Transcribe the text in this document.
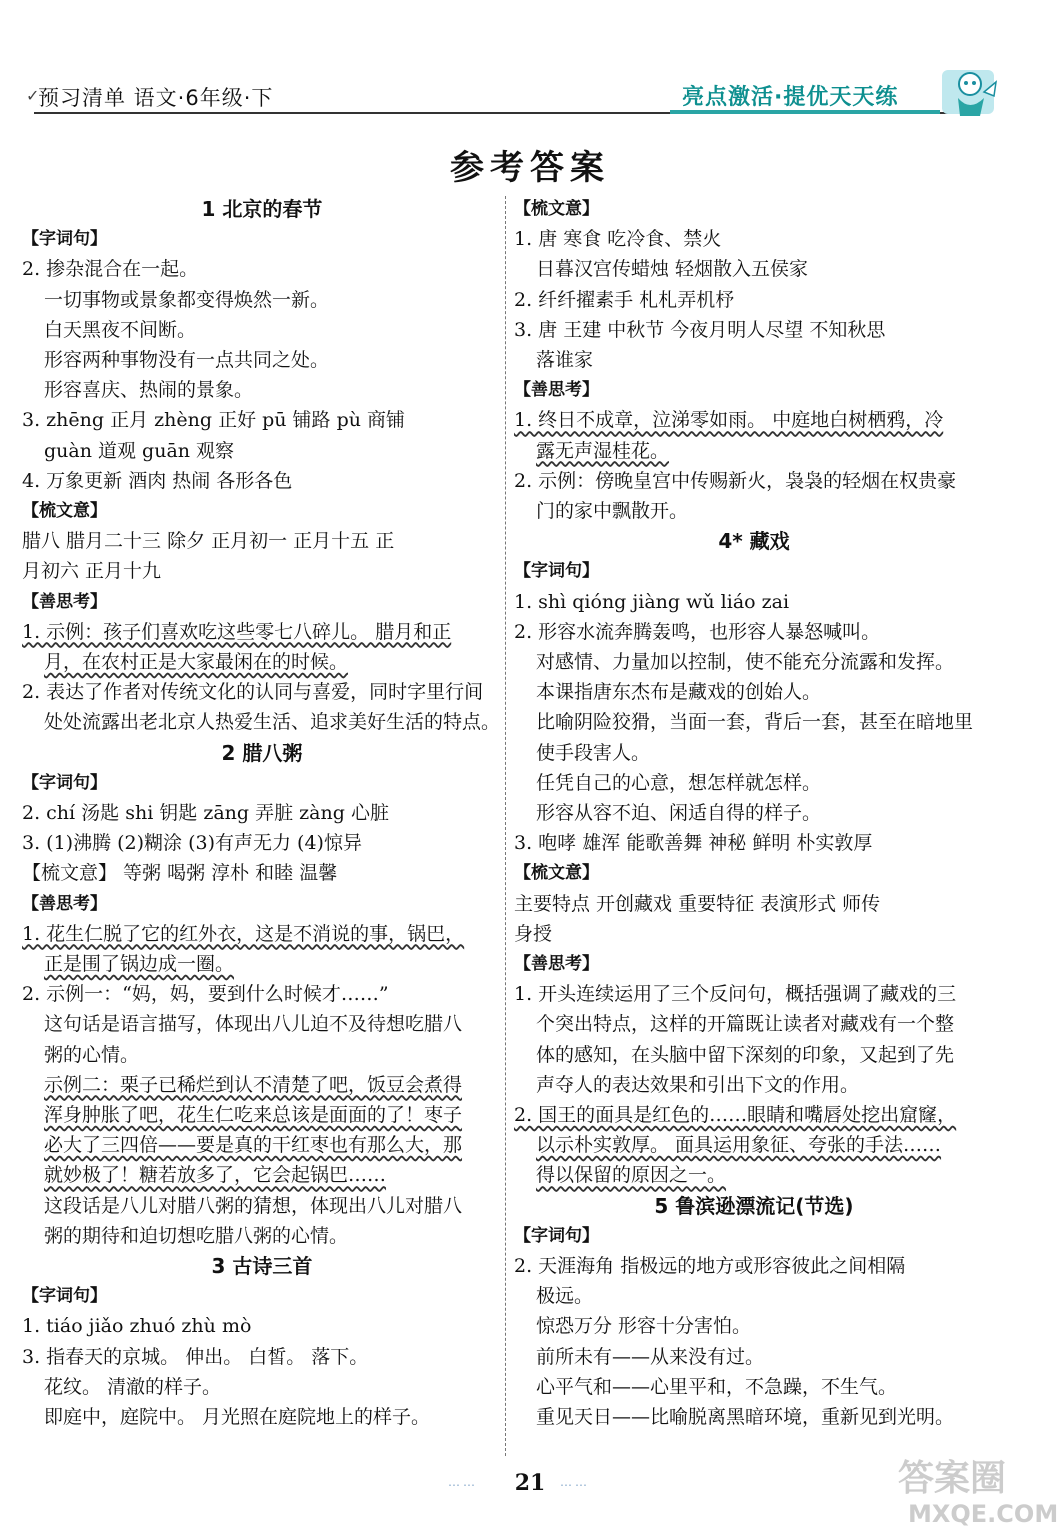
✓
预习清单 语文·6年级·下	亮点激活·提优天天练
参考答案
1 北京的春节
【字词句】
2. 掺杂混合在一起。
一切事物或景象都变得焕然一新。
白天黑夜不间断。
形容两种事物没有一点共同之处。
形容喜庆、热闹的景象。
3. zhēng 正月 zhèng 正好 pū 铺路 pù 商铺
guàn 道观 guān 观察
4. 万象更新 酒肉 热闹 各形各色
【梳文意】
腊八 腊月二十三 除夕 正月初一 正月十五 正
月初六 正月十九
【善思考】
1. 示例：孩子们喜欢吃这些零七八碎儿。 腊月和正
月，在农村正是大家最闲在的时候。
2. 表达了作者对传统文化的认同与喜爱，同时字里行间
处处流露出老北京人热爱生活、追求美好生活的特点。
2 腊八粥
【字词句】
2. chí 汤匙 shi 钥匙 zāng 弄脏 zàng 心脏
3. (1)沸腾 (2)糊涂 (3)有声无力 (4)惊异
【梳文意】 等粥 喝粥 淳朴 和睦 温馨
【善思考】
1. 花生仁脱了它的红外衣，这是不消说的事，锅巴，
正是围了锅边成一圈。
2. 示例一：“妈，妈，要到什么时候才……”
这句话是语言描写，体现出八儿迫不及待想吃腊八
粥的心情。
示例二：栗子已稀烂到认不清楚了吧，饭豆会煮得
浑身肿胀了吧，花生仁吃来总该是面面的了！枣子
必大了三四倍——要是真的干红枣也有那么大，那
就妙极了！糖若放多了，它会起锅巴……
这段话是八儿对腊八粥的猜想，体现出八儿对腊八
粥的期待和迫切想吃腊八粥的心情。
3 古诗三首
【字词句】
1. tiáo jiǎo zhuó zhù mò
3. 指春天的京城。 伸出。 白皙。 落下。
花纹。 清澈的样子。
即庭中，庭院中。 月光照在庭院地上的样子。
【梳文意】
1. 唐 寒食 吃冷食、禁火
日暮汉宫传蜡烛 轻烟散入五侯家
2. 纤纤擢素手 札札弄机杼
3. 唐 王建 中秋节 今夜月明人尽望 不知秋思
落谁家
【善思考】
1. 终日不成章，泣涕零如雨。 中庭地白树栖鸦，冷
露无声湿桂花。
2. 示例：傍晚皇宫中传赐新火，袅袅的轻烟在权贵豪
门的家中飘散开。
4* 藏戏
【字词句】
1. shì qióng jiàng wǔ liáo zai
2. 形容水流奔腾轰鸣，也形容人暴怒喊叫。
对感情、力量加以控制，使不能充分流露和发挥。
本课指唐东杰布是藏戏的创始人。
比喻阴险狡猾，当面一套，背后一套，甚至在暗地里
使手段害人。
任凭自己的心意，想怎样就怎样。
形容从容不迫、闲适自得的样子。
3. 咆哮 雄浑 能歌善舞 神秘 鲜明 朴实敦厚
【梳文意】
主要特点 开创藏戏 重要特征 表演形式 师传
身授
【善思考】
1. 开头连续运用了三个反问句，概括强调了藏戏的三
个突出特点，这样的开篇既让读者对藏戏有一个整
体的感知，在头脑中留下深刻的印象，又起到了先
声夺人的表达效果和引出下文的作用。
2. 国王的面具是红色的……眼睛和嘴唇处挖出窟窿，
以示朴实敦厚。 面具运用象征、夸张的手法……
得以保留的原因之一。
5 鲁滨逊漂流记(节选)
【字词句】
2. 天涯海角 指极远的地方或形容彼此之间相隔
极远。
惊恐万分 形容十分害怕。
前所未有——从来没有过。
心平气和——心里平和，不急躁，不生气。
重见天日——比喻脱离黑暗环境，重新见到光明。
⋯⋯	21	⋯⋯	答案圈
MXQE.COM
